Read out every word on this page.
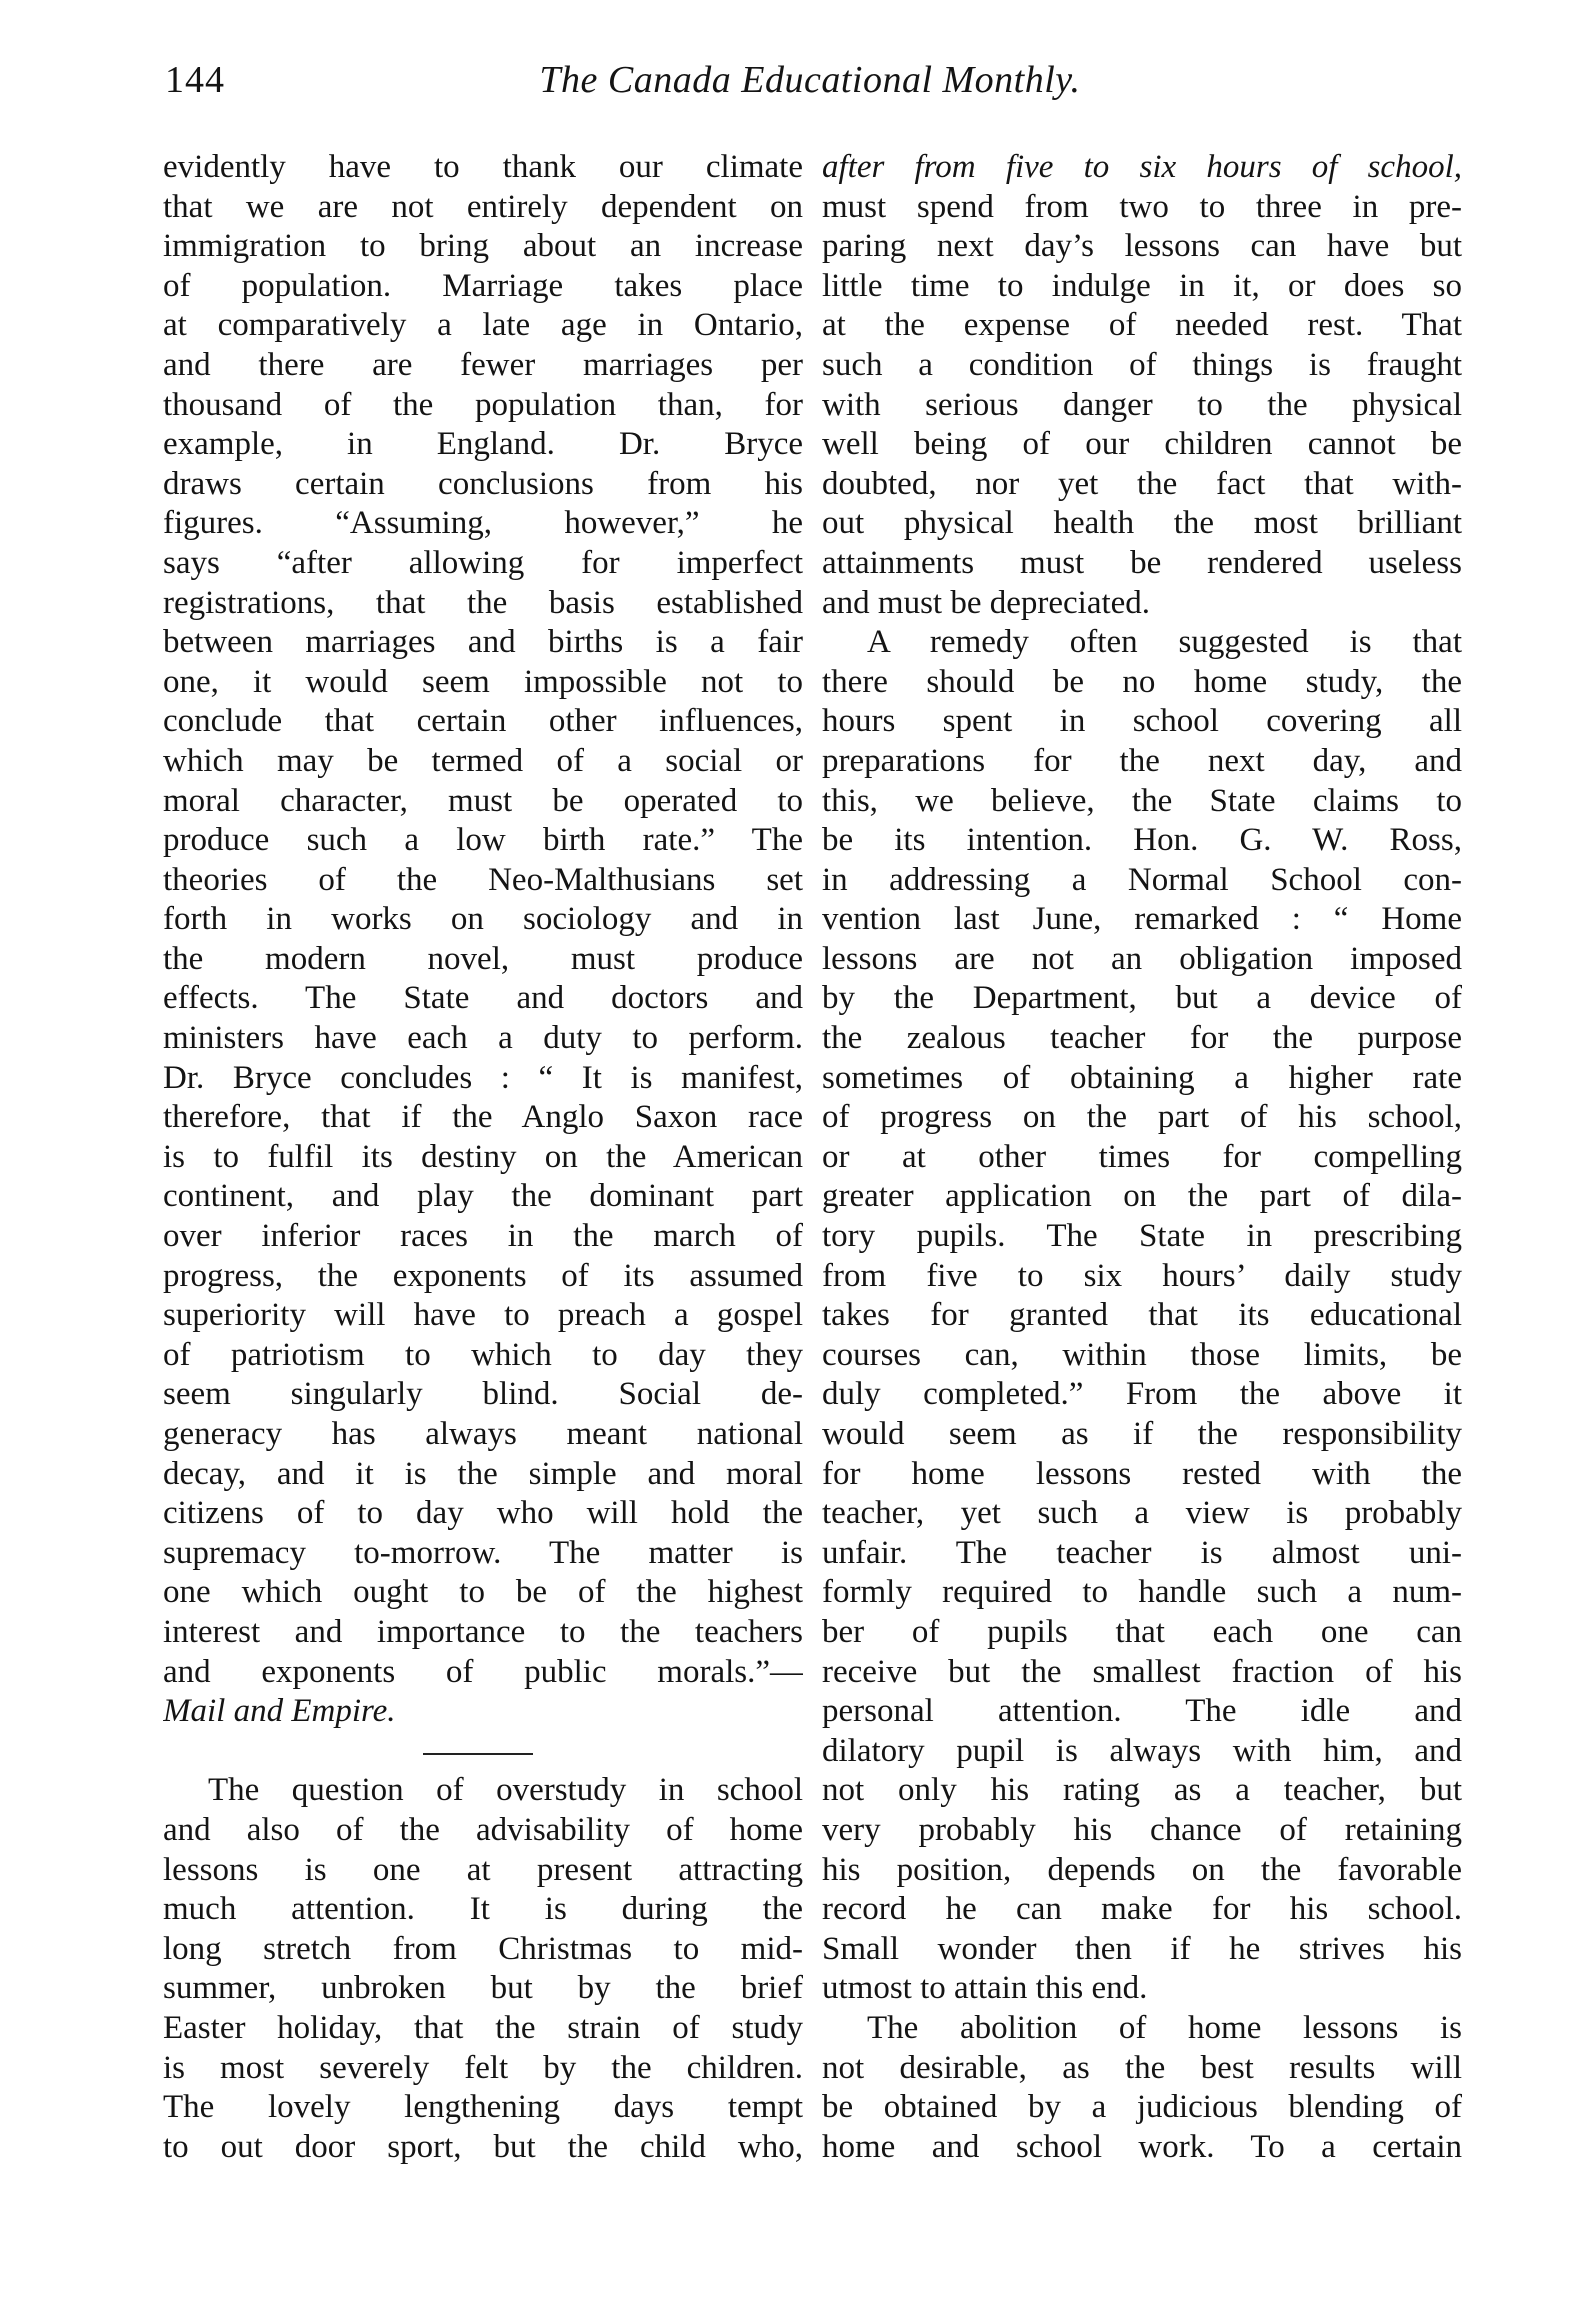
144	The Canada Educational Monthly.
evidently have to thank our climate
that we are not entirely dependent on
immigration to bring about an increase
of population. Marriage takes place
at comparatively a late age in Ontario,
and there are fewer marriages per
thousand of the population than, for
example, in England. Dr. Bryce
draws certain conclusions from his
figures. “Assuming, however,” he
says “after allowing for imperfect
registrations, that the basis established
between marriages and births is a fair
one, it would seem impossible not to
conclude that certain other influences,
which may be termed of a social or
moral character, must be operated to
produce such a low birth rate.” The
theories of the Neo-Malthusians set
forth in works on sociology and in
the modern novel, must produce
effects. The State and doctors and
ministers have each a duty to perform.
Dr. Bryce concludes : “ It is manifest,
therefore, that if the Anglo Saxon race
is to fulfil its destiny on the American
continent, and play the dominant part
over inferior races in the march of
progress, the exponents of its assumed
superiority will have to preach a gospel
of patriotism to which to day they
seem singularly blind. Social de-
generacy has always meant national
decay, and it is the simple and moral
citizens of to day who will hold the
supremacy to-morrow. The matter is
one which ought to be of the highest
interest and importance to the teachers
and exponents of public morals.”—
Mail and Empire.
The question of overstudy in school
and also of the advisability of home
lessons is one at present attracting
much attention. It is during the
long stretch from Christmas to mid-
summer, unbroken but by the brief
Easter holiday, that the strain of study
is most severely felt by the children.
The lovely lengthening days tempt
to out door sport, but the child who,
after from five to six hours of school,
must spend from two to three in pre-
paring next day’s lessons can have but
little time to indulge in it, or does so
at the expense of needed rest. That
such a condition of things is fraught
with serious danger to the physical
well being of our children cannot be
doubted, nor yet the fact that with-
out physical health the most brilliant
attainments must be rendered useless
and must be depreciated.
A remedy often suggested is that
there should be no home study, the
hours spent in school covering all
preparations for the next day, and
this, we believe, the State claims to
be its intention. Hon. G. W. Ross,
in addressing a Normal School con-
vention last June, remarked : “ Home
lessons are not an obligation imposed
by the Department, but a device of
the zealous teacher for the purpose
sometimes of obtaining a higher rate
of progress on the part of his school,
or at other times for compelling
greater application on the part of dila-
tory pupils. The State in prescribing
from five to six hours’ daily study
takes for granted that its educational
courses can, within those limits, be
duly completed.” From the above it
would seem as if the responsibility
for home lessons rested with the
teacher, yet such a view is probably
unfair. The teacher is almost uni-
formly required to handle such a num-
ber of pupils that each one can
receive but the smallest fraction of his
personal attention. The idle and
dilatory pupil is always with him, and
not only his rating as a teacher, but
very probably his chance of retaining
his position, depends on the favorable
record he can make for his school.
Small wonder then if he strives his
utmost to attain this end.
The abolition of home lessons is
not desirable, as the best results will
be obtained by a judicious blending of
home and school work. To a certain
